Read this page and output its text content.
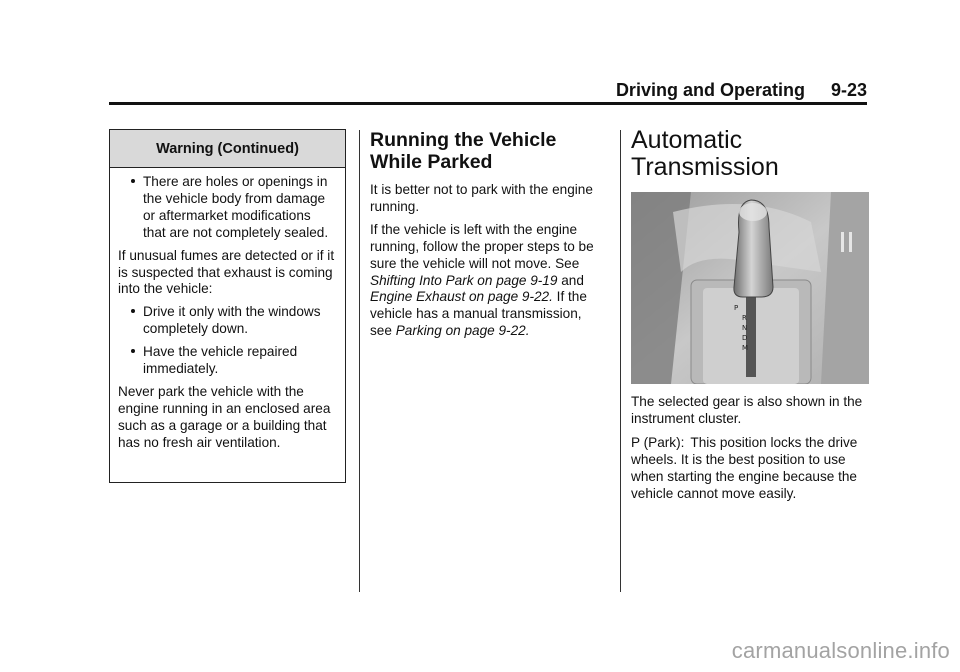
Driving and Operating 9-23
Warning (Continued)
There are holes or openings in the vehicle body from damage or aftermarket modifications that are not completely sealed.

If unusual fumes are detected or if it is suspected that exhaust is coming into the vehicle:

Drive it only with the windows completely down.
Have the vehicle repaired immediately.

Never park the vehicle with the engine running in an enclosed area such as a garage or a building that has no fresh air ventilation.

Running the Vehicle While Parked

It is better not to park with the engine running.

If the vehicle is left with the engine running, follow the proper steps to be sure the vehicle will not move. See Shifting Into Park on page 9-19 and Engine Exhaust on page 9-22. If the vehicle has a manual transmission, see Parking on page 9-22.

Automatic Transmission
P
R
N
D
M

The selected gear is also shown in the instrument cluster.

P (Park): This position locks the drive wheels. It is the best position to use when starting the engine because the vehicle cannot move easily.

carmanualsonline.info
